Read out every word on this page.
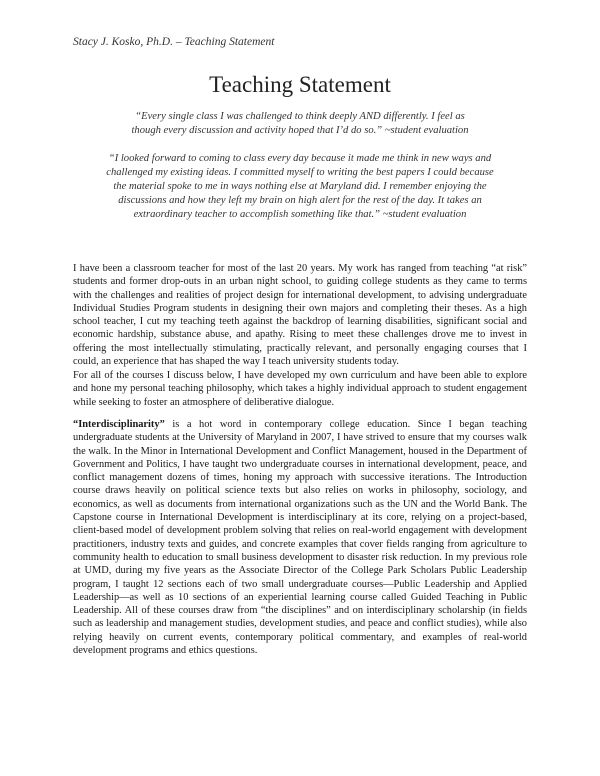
Stacy J. Kosko, Ph.D. – Teaching Statement
Teaching Statement
“Every single class I was challenged to think deeply AND differently. I feel as though every discussion and activity hoped that I’d do so.” ~student evaluation
“I looked forward to coming to class every day because it made me think in new ways and challenged my existing ideas. I committed myself to writing the best papers I could because the material spoke to me in ways nothing else at Maryland did. I remember enjoying the discussions and how they left my brain on high alert for the rest of the day. It takes an extraordinary teacher to accomplish something like that.” ~student evaluation
I have been a classroom teacher for most of the last 20 years. My work has ranged from teaching “at risk” students and former drop-outs in an urban night school, to guiding college students as they came to terms with the challenges and realities of project design for international development, to advising undergraduate Individual Studies Program students in designing their own majors and completing their theses. As a high school teacher, I cut my teaching teeth against the backdrop of learning disabilities, significant social and economic hardship, substance abuse, and apathy. Rising to meet these challenges drove me to invest in offering the most intellectually stimulating, practically relevant, and personally engaging courses that I could, an experience that has shaped the way I teach university students today.
For all of the courses I discuss below, I have developed my own curriculum and have been able to explore and hone my personal teaching philosophy, which takes a highly individual approach to student engagement while seeking to foster an atmosphere of deliberative dialogue.
“Interdisciplinarity” is a hot word in contemporary college education. Since I began teaching undergraduate students at the University of Maryland in 2007, I have strived to ensure that my courses walk the walk. In the Minor in International Development and Conflict Management, housed in the Department of Government and Politics, I have taught two undergraduate courses in international development, peace, and conflict management dozens of times, honing my approach with successive iterations. The Introduction course draws heavily on political science texts but also relies on works in philosophy, sociology, and economics, as well as documents from international organizations such as the UN and the World Bank. The Capstone course in International Development is interdisciplinary at its core, relying on a project-based, client-based model of development problem solving that relies on real-world engagement with development practitioners, industry texts and guides, and concrete examples that cover fields ranging from agriculture to community health to education to small business development to disaster risk reduction. In my previous role at UMD, during my five years as the Associate Director of the College Park Scholars Public Leadership program, I taught 12 sections each of two small undergraduate courses—Public Leadership and Applied Leadership—as well as 10 sections of an experiential learning course called Guided Teaching in Public Leadership. All of these courses draw from “the disciplines” and on interdisciplinary scholarship (in fields such as leadership and management studies, development studies, and peace and conflict studies), while also relying heavily on current events, contemporary political commentary, and examples of real-world development programs and ethics questions.
